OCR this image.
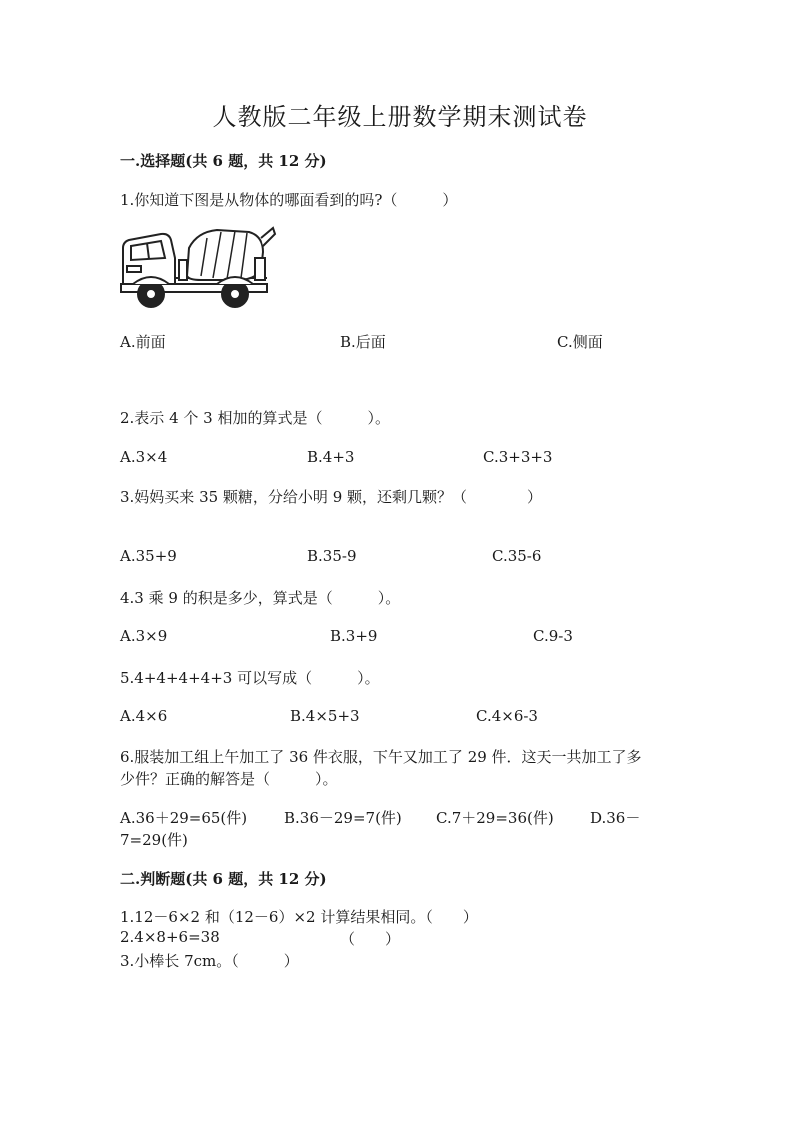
人教版二年级上册数学期末测试卷
一.选择题(共 6 题，共 12 分)
1.你知道下图是从物体的哪面看到的吗?（　　　）
A.前面	B.后面	C.侧面
2.表示 4 个 3 相加的算式是（　　　）。
A.3×4	B.4+3	C.3+3+3
3.妈妈买来 35 颗糖，分给小明 9 颗，还剩几颗？（　　　　）
A.35+9	B.35-9	C.35-6
4.3 乘 9 的积是多少，算式是（　　　）。
A.3×9	B.3+9	C.9-3
5.4+4+4+4+3 可以写成（　　　）。
A.4×6	B.4×5+3	C.4×6-3
6.服装加工组上午加工了 36 件衣服，下午又加工了 29 件．这天一共加工了多
少件？正确的解答是（　　　）。
A.36＋29=65(件) B.36－29=7(件) C.7＋29=36(件) D.36－
7=29(件)
二.判断题(共 6 题，共 12 分)
1.12－6×2 和（12－6）×2 计算结果相同。（　　）
2.4×8+6=38	（　　）
3.小棒长 7cm。（　　　）
